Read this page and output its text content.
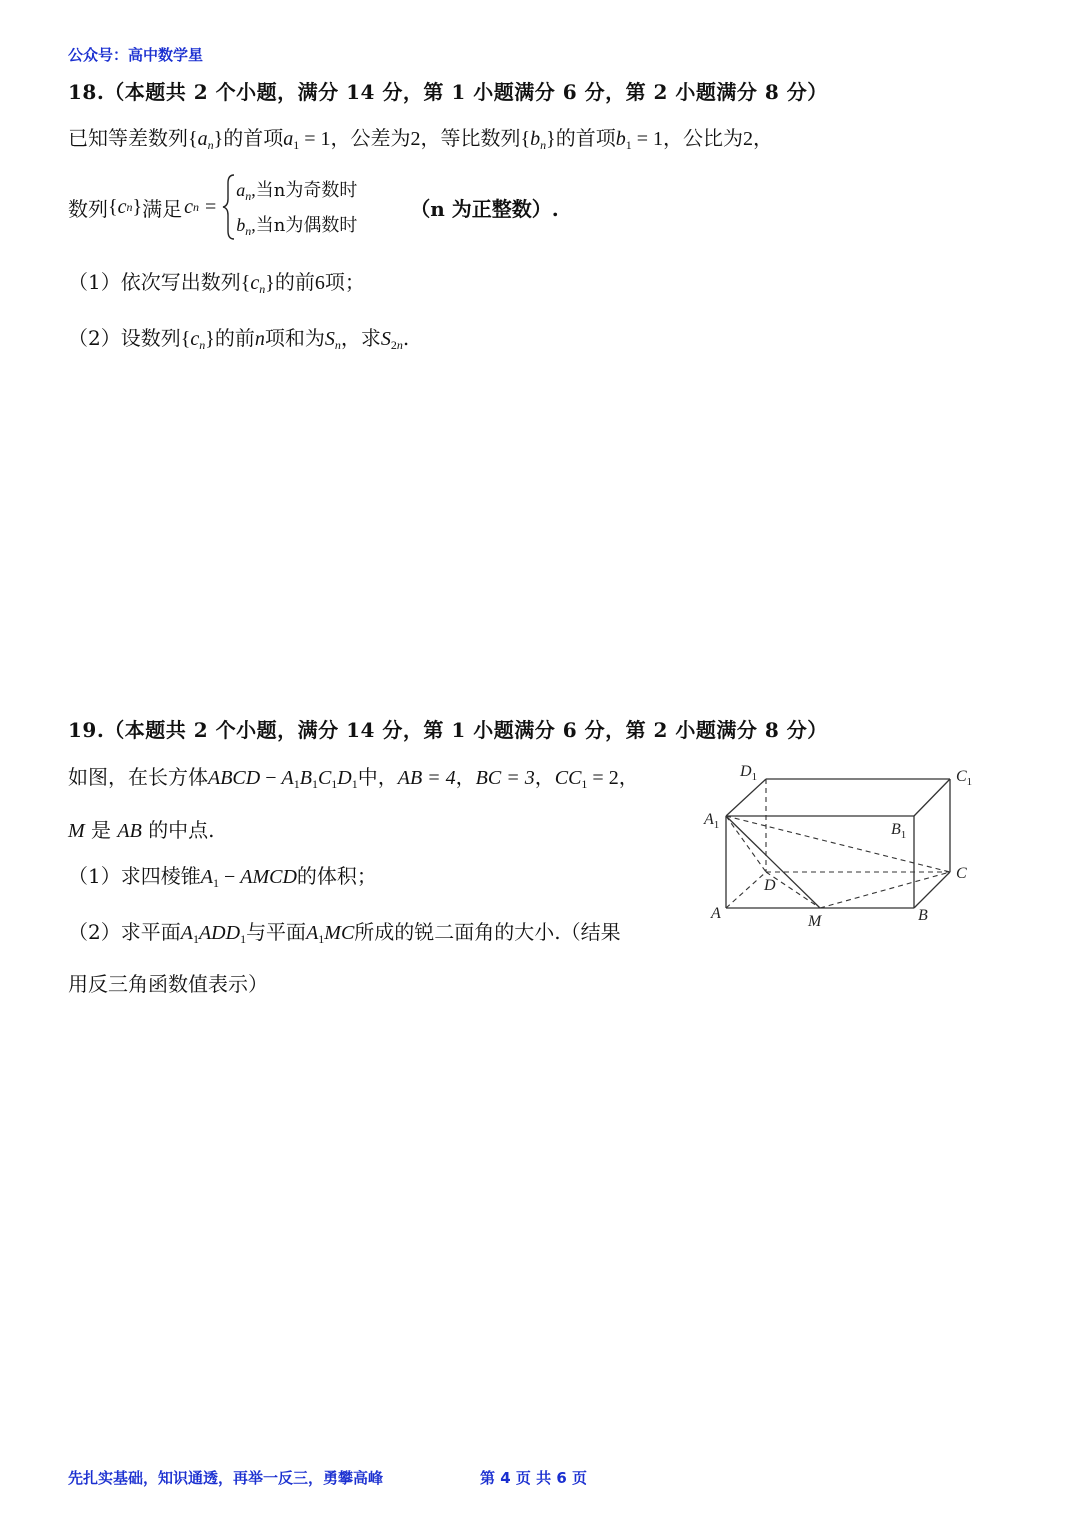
公众号：高中数学星
18.（本题共 2 个小题，满分 14 分，第 1 小题满分 6 分，第 2 小题满分 8 分）
已知等差数列$\{a_n\}$的首项$a_1 = 1$，公差为2，等比数列$\{b_n\}$的首项$b_1 = 1$，公比为2，
数列 { c n } 满足 c n =
$a_n$,当n为奇数时
$b_n$,当n为偶数时
（n 为正整数）.
（1）依次写出数列$\{c_n\}$的前6项；
（2）设数列$\{c_n\}$的前n项和为$S_n$，求$S_{2n}$.
19.（本题共 2 个小题，满分 14 分，第 1 小题满分 6 分，第 2 小题满分 8 分）
如图，在长方体ABCD − $A_1B_1C_1D_1$中，AB = 4，BC = 3，$CC_1 = 2$，
M 是 AB 的中点.
（1）求四棱锥$A_1$ − AMCD的体积；
（2）求平面$A_1ADD_1$与平面$A_1MC$所成的锐二面角的大小.（结果
用反三角函数值表示）
$D_1$	$C_1$
$A_1$	$B_1$
D
C
A	M	B
先扎实基础，知识通透，再举一反三，勇攀高峰	第 4 页 共 6 页
